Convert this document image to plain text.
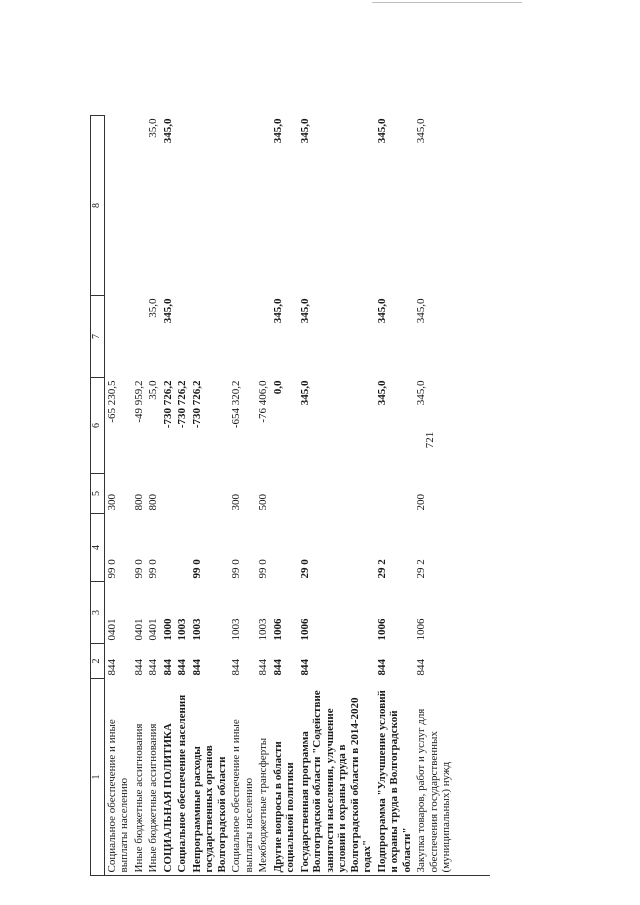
721
1	2	3	4	5	6	7	8
Социальное обеспечение и иные выплаты населению	844	0401	99 0	300	-65 230,5		
Иные бюджетные ассигнования	844	0401	99 0	800	-49 959,2		
Иные бюджетные ассигнования	844	0401	99 0	800	35,0	35,0	35,0
СОЦИАЛЬНАЯ ПОЛИТИКА	844	1000			-730 726,2	345,0	345,0
Социальное обеспечение населения	844	1003			-730 726,2		
Непрограммные расходы государственных органов Волгоградской области	844	1003	99 0		-730 726,2		
Социальное обеспечение и иные выплаты населению	844	1003	99 0	300	-654 320,2		
Межбюджетные трансферты	844	1003	99 0	500	-76 406,0		
Другие вопросы в области социальной политики	844	1006			0,0	345,0	345,0
Государственная программа Волгоградской области "Содействие занятости населения, улучшение условий и охраны труда в Волгоградской области в 2014-2020 годах"	844	1006	29 0		345,0	345,0	345,0
Подпрограмма "Улучшение условий и охраны труда в Волгоградской области"	844	1006	29 2		345,0	345,0	345,0
Закупка товаров, работ и услуг для обеспечения государственных (муниципальных) нужд	844	1006	29 2	200	345,0	345,0	345,0
